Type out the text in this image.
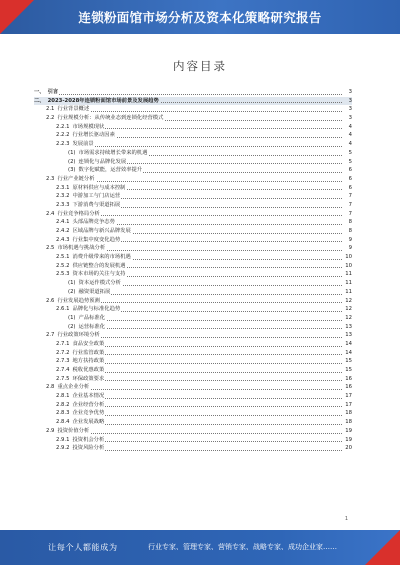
连锁粉面馆市场分析及资本化策略研究报告
内容目录
一、 引言	3
二、 2023-2028年连锁粉面馆市场前景及发展趋势	3
2.1 行业背景概述	3
2.2 行业规模分析：从传统业态到连锁化经营模式	3
2.2.1 市场规模现状	4
2.2.2 行业增长驱动因素	4
2.2.3 发展前景	4
(1) 市场需求持续增长带来的机遇	5
(2) 连锁化与品牌化发展	5
(3) 数字化赋能，运营效率提升	6
2.3 行业产业链分析	6
2.3.1 原材料供应与成本控制	6
2.3.2 中游加工与门店运营	7
2.3.3 下游消费与渠道拓展	7
2.4 行业竞争格局分析	7
2.4.1 头部品牌竞争态势	8
2.4.2 区域品牌与新兴品牌发展	8
2.4.3 行业集中度变化趋势	9
2.5 市场机遇与挑战分析	9
2.5.1 消费升级带来的市场机遇	10
2.5.2 供应链整合的发展机遇	10
2.5.3 资本市场的关注与支持	11
(1) 资本运作模式分析	11
(2) 融资渠道拓展	11
2.6 行业发展趋势预测	12
2.6.1 品牌化与标准化趋势	12
(1) 产品标准化	12
(2) 运营标准化	13
2.7 行业政策环境分析	13
2.7.1 食品安全政策	14
2.7.2 行业监管政策	14
2.7.3 地方扶持政策	15
2.7.4 税收优惠政策	15
2.7.5 环保政策要求	16
2.8 重点企业分析	16
2.8.1 企业基本情况	17
2.8.2 企业经营分析	17
2.8.3 企业竞争优势	18
2.8.4 企业发展战略	18
2.9 投资价值分析	19
2.9.1 投资机会分析	19
2.9.2 投资风险分析	20
1
让每个人都能成为	行业专家、管理专家、营销专家、战略专家、成功企业家……
